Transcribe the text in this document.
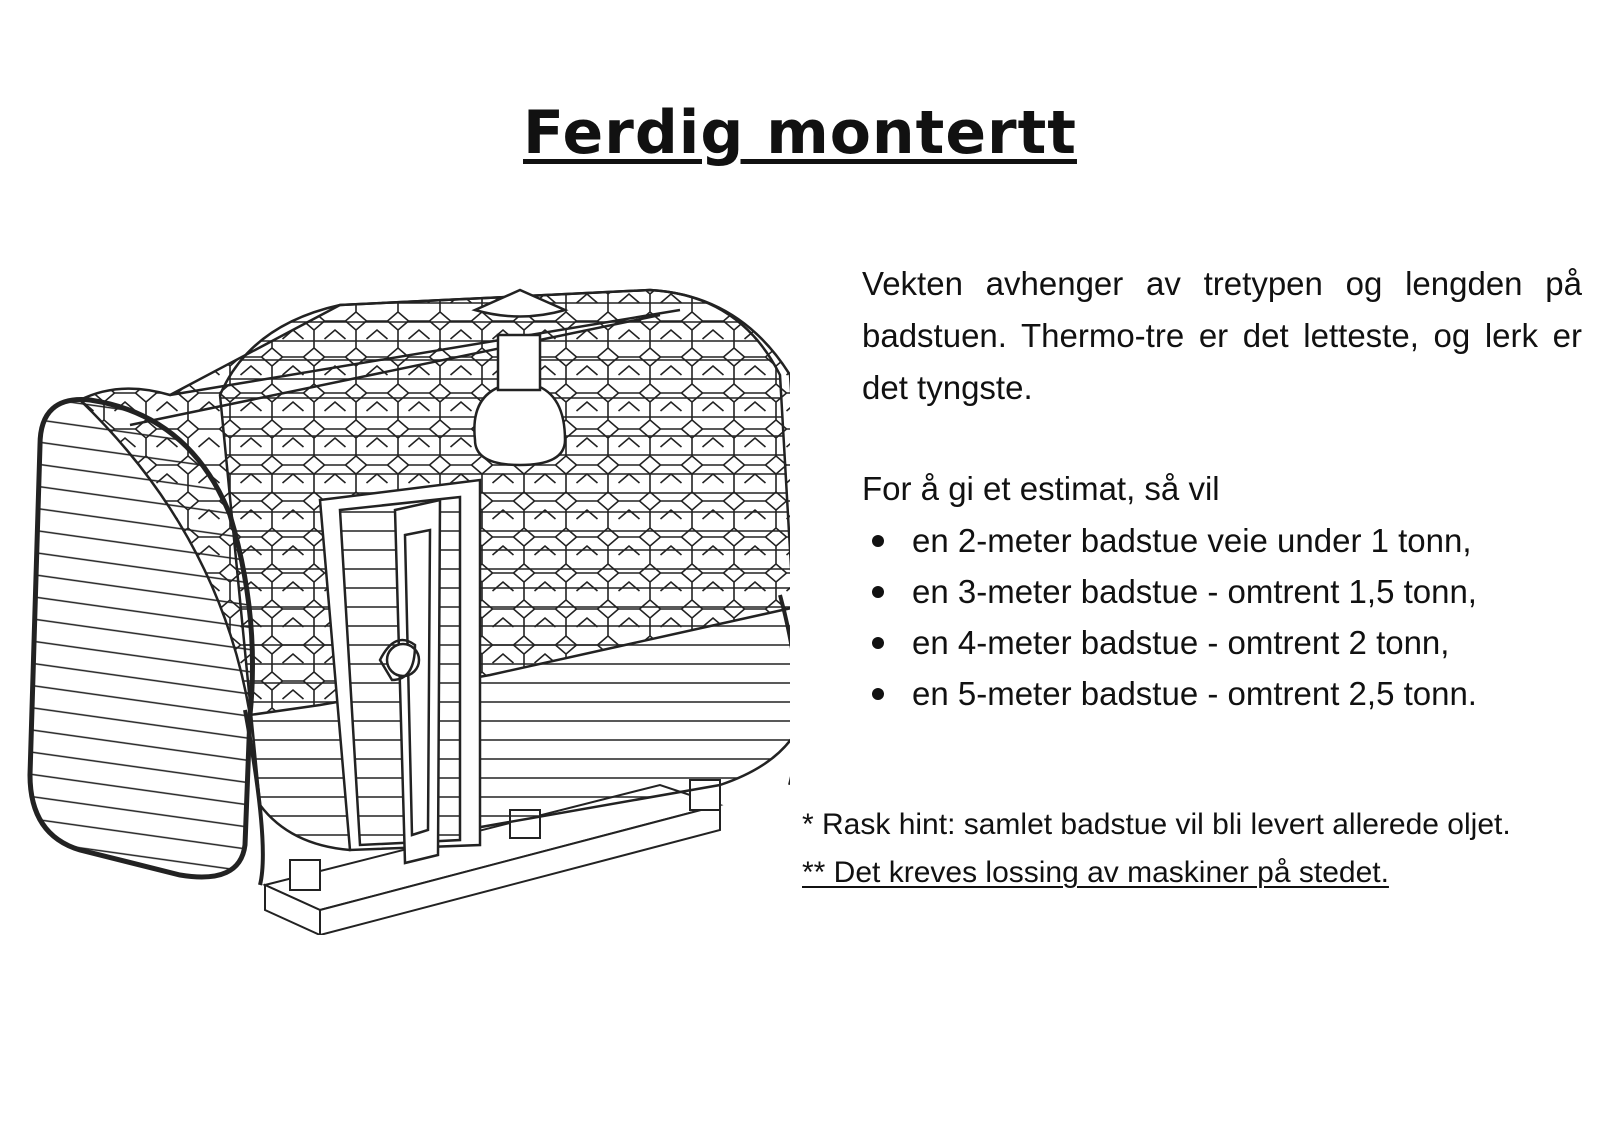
Ferdig montertt
Vekten avhenger av tretypen og lengden på badstuen. Thermo-tre er det letteste, og lerk er det tyngste.
For å gi et estimat, så vil
en 2-meter badstue veie under 1 tonn,
en 3-meter badstue - omtrent 1,5 tonn,
en 4-meter badstue - omtrent 2 tonn,
en 5-meter badstue - omtrent 2,5 tonn.
* Rask hint: samlet badstue vil bli levert allerede oljet.
** Det kreves lossing av maskiner på stedet.
